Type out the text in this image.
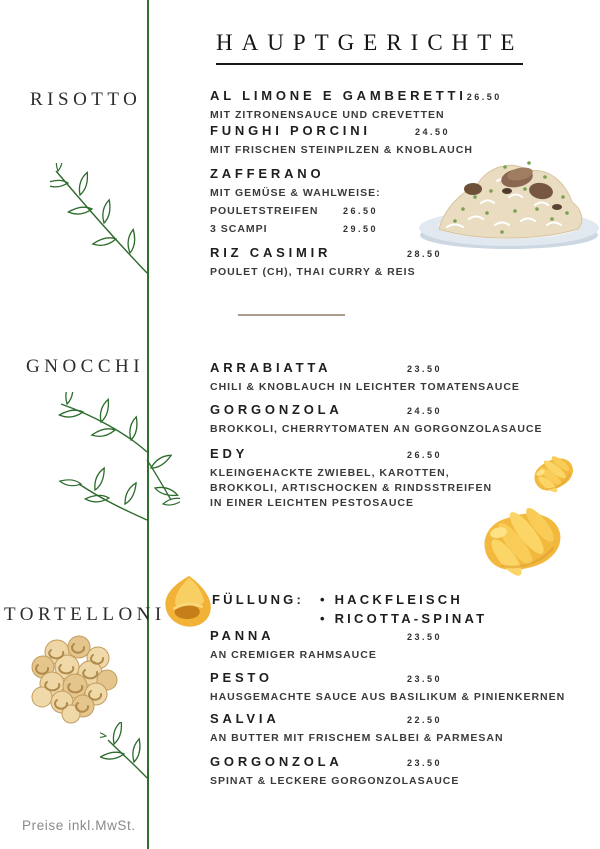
HAUPTGERICHTE
RISOTTO
GNOCCHI
TORTELLONI
AL LIMONE E GAMBERETTI 26.50
MIT ZITRONENSAUCE UND CREVETTEN
FUNGHI PORCINI	24.50
MIT FRISCHEN STEINPILZEN & KNOBLAUCH
ZAFFERANO
MIT GEMÜSE & WAHLWEISE:
POULETSTREIFEN	26.50
3 SCAMPI	29.50
RIZ CASIMIR	28.50
POULET (CH), THAI CURRY & REIS
ARRABIATTA	23.50
CHILI & KNOBLAUCH IN LEICHTER TOMATENSAUCE
GORGONZOLA	24.50
BROKKOLI, CHERRYTOMATEN AN GORGONZOLASAUCE
EDY	26.50
KLEINGEHACKTE ZWIEBEL, KAROTTEN,
BROKKOLI, ARTISCHOCKEN & RINDSSTREIFEN
IN EINER LEICHTEN PESTOSAUCE
FÜLLUNG: • HACKFLEISCH
• RICOTTA-SPINAT
PANNA	23.50
AN CREMIGER RAHMSAUCE
PESTO	23.50
HAUSGEMACHTE SAUCE AUS BASILIKUM & PINIENKERNEN
SALVIA	22.50
AN BUTTER MIT FRISCHEM SALBEI & PARMESAN
GORGONZOLA	23.50
SPINAT & LECKERE GORGONZOLASAUCE
Preise inkl.MwSt.
